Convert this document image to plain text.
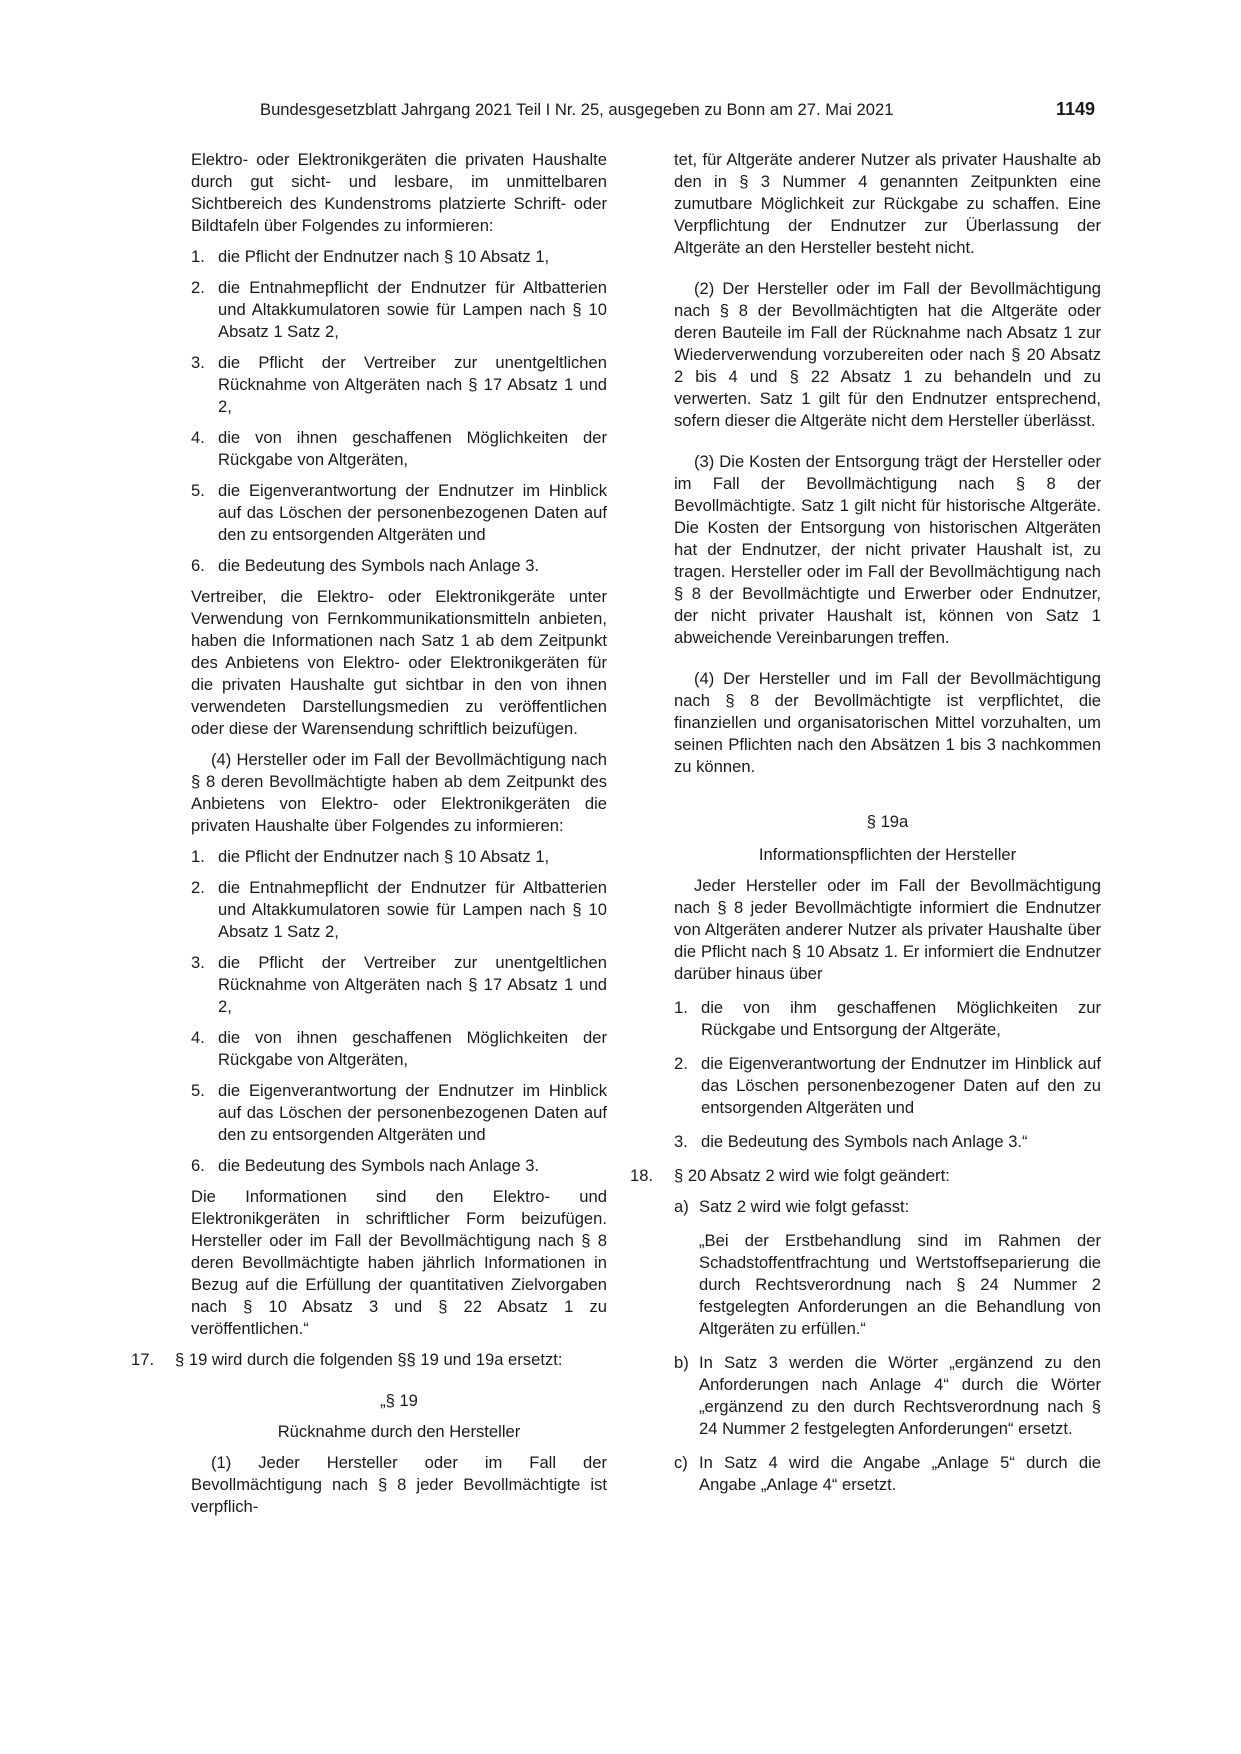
Bundesgesetzblatt Jahrgang 2021 Teil I Nr. 25, ausgegeben zu Bonn am 27. Mai 2021	1149

Elektro- oder Elektronikgeräten die privaten Haushalte durch gut sicht- und lesbare, im unmittelbaren Sichtbereich des Kundenstroms platzierte Schrift- oder Bildtafeln über Folgendes zu informieren:

1. die Pflicht der Endnutzer nach § 10 Absatz 1,
2. die Entnahmepflicht der Endnutzer für Altbatterien und Altakkumulatoren sowie für Lampen nach § 10 Absatz 1 Satz 2,
3. die Pflicht der Vertreiber zur unentgeltlichen Rücknahme von Altgeräten nach § 17 Absatz 1 und 2,
4. die von ihnen geschaffenen Möglichkeiten der Rückgabe von Altgeräten,
5. die Eigenverantwortung der Endnutzer im Hinblick auf das Löschen der personenbezogenen Daten auf den zu entsorgenden Altgeräten und
6. die Bedeutung des Symbols nach Anlage 3.

Vertreiber, die Elektro- oder Elektronikgeräte unter Verwendung von Fernkommunikationsmitteln anbieten, haben die Informationen nach Satz 1 ab dem Zeitpunkt des Anbietens von Elektro- oder Elektronikgeräten für die privaten Haushalte gut sichtbar in den von ihnen verwendeten Darstellungsmedien zu veröffentlichen oder diese der Warensendung schriftlich beizufügen.

(4) Hersteller oder im Fall der Bevollmächtigung nach § 8 deren Bevollmächtigte haben ab dem Zeitpunkt des Anbietens von Elektro- oder Elektronikgeräten die privaten Haushalte über Folgendes zu informieren:

1. die Pflicht der Endnutzer nach § 10 Absatz 1,
2. die Entnahmepflicht der Endnutzer für Altbatterien und Altakkumulatoren sowie für Lampen nach § 10 Absatz 1 Satz 2,
3. die Pflicht der Vertreiber zur unentgeltlichen Rücknahme von Altgeräten nach § 17 Absatz 1 und 2,
4. die von ihnen geschaffenen Möglichkeiten der Rückgabe von Altgeräten,
5. die Eigenverantwortung der Endnutzer im Hinblick auf das Löschen der personenbezogenen Daten auf den zu entsorgenden Altgeräten und
6. die Bedeutung des Symbols nach Anlage 3.

Die Informationen sind den Elektro- und Elektronikgeräten in schriftlicher Form beizufügen. Hersteller oder im Fall der Bevollmächtigung nach § 8 deren Bevollmächtigte haben jährlich Informationen in Bezug auf die Erfüllung der quantitativen Zielvorgaben nach § 10 Absatz 3 und § 22 Absatz 1 zu veröffentlichen.“

17. § 19 wird durch die folgenden §§ 19 und 19a ersetzt:

„§ 19

Rücknahme durch den Hersteller

(1) Jeder Hersteller oder im Fall der Bevollmächtigung nach § 8 jeder Bevollmächtigte ist verpflich-

tet, für Altgeräte anderer Nutzer als privater Haushalte ab den in § 3 Nummer 4 genannten Zeitpunkten eine zumutbare Möglichkeit zur Rückgabe zu schaffen. Eine Verpflichtung der Endnutzer zur Überlassung der Altgeräte an den Hersteller besteht nicht.

(2) Der Hersteller oder im Fall der Bevollmächtigung nach § 8 der Bevollmächtigten hat die Altgeräte oder deren Bauteile im Fall der Rücknahme nach Absatz 1 zur Wiederverwendung vorzubereiten oder nach § 20 Absatz 2 bis 4 und § 22 Absatz 1 zu behandeln und zu verwerten. Satz 1 gilt für den Endnutzer entsprechend, sofern dieser die Altgeräte nicht dem Hersteller überlässt.

(3) Die Kosten der Entsorgung trägt der Hersteller oder im Fall der Bevollmächtigung nach § 8 der Bevollmächtigte. Satz 1 gilt nicht für historische Altgeräte. Die Kosten der Entsorgung von historischen Altgeräten hat der Endnutzer, der nicht privater Haushalt ist, zu tragen. Hersteller oder im Fall der Bevollmächtigung nach § 8 der Bevollmächtigte und Erwerber oder Endnutzer, der nicht privater Haushalt ist, können von Satz 1 abweichende Vereinbarungen treffen.

(4) Der Hersteller und im Fall der Bevollmächtigung nach § 8 der Bevollmächtigte ist verpflichtet, die finanziellen und organisatorischen Mittel vorzuhalten, um seinen Pflichten nach den Absätzen 1 bis 3 nachkommen zu können.

§ 19a

Informationspflichten der Hersteller

Jeder Hersteller oder im Fall der Bevollmächtigung nach § 8 jeder Bevollmächtigte informiert die Endnutzer von Altgeräten anderer Nutzer als privater Haushalte über die Pflicht nach § 10 Absatz 1. Er informiert die Endnutzer darüber hinaus über

1. die von ihm geschaffenen Möglichkeiten zur Rückgabe und Entsorgung der Altgeräte,
2. die Eigenverantwortung der Endnutzer im Hinblick auf das Löschen personenbezogener Daten auf den zu entsorgenden Altgeräten und
3. die Bedeutung des Symbols nach Anlage 3.“
18. § 20 Absatz 2 wird wie folgt geändert:
a) Satz 2 wird wie folgt gefasst:

„Bei der Erstbehandlung sind im Rahmen der Schadstoffentfrachtung und Wertstoffseparierung die durch Rechtsverordnung nach § 24 Nummer 2 festgelegten Anforderungen an die Behandlung von Altgeräten zu erfüllen.“

b) In Satz 3 werden die Wörter „ergänzend zu den Anforderungen nach Anlage 4“ durch die Wörter „ergänzend zu den durch Rechtsverordnung nach § 24 Nummer 2 festgelegten Anforderungen“ ersetzt.
c) In Satz 4 wird die Angabe „Anlage 5“ durch die Angabe „Anlage 4“ ersetzt.
